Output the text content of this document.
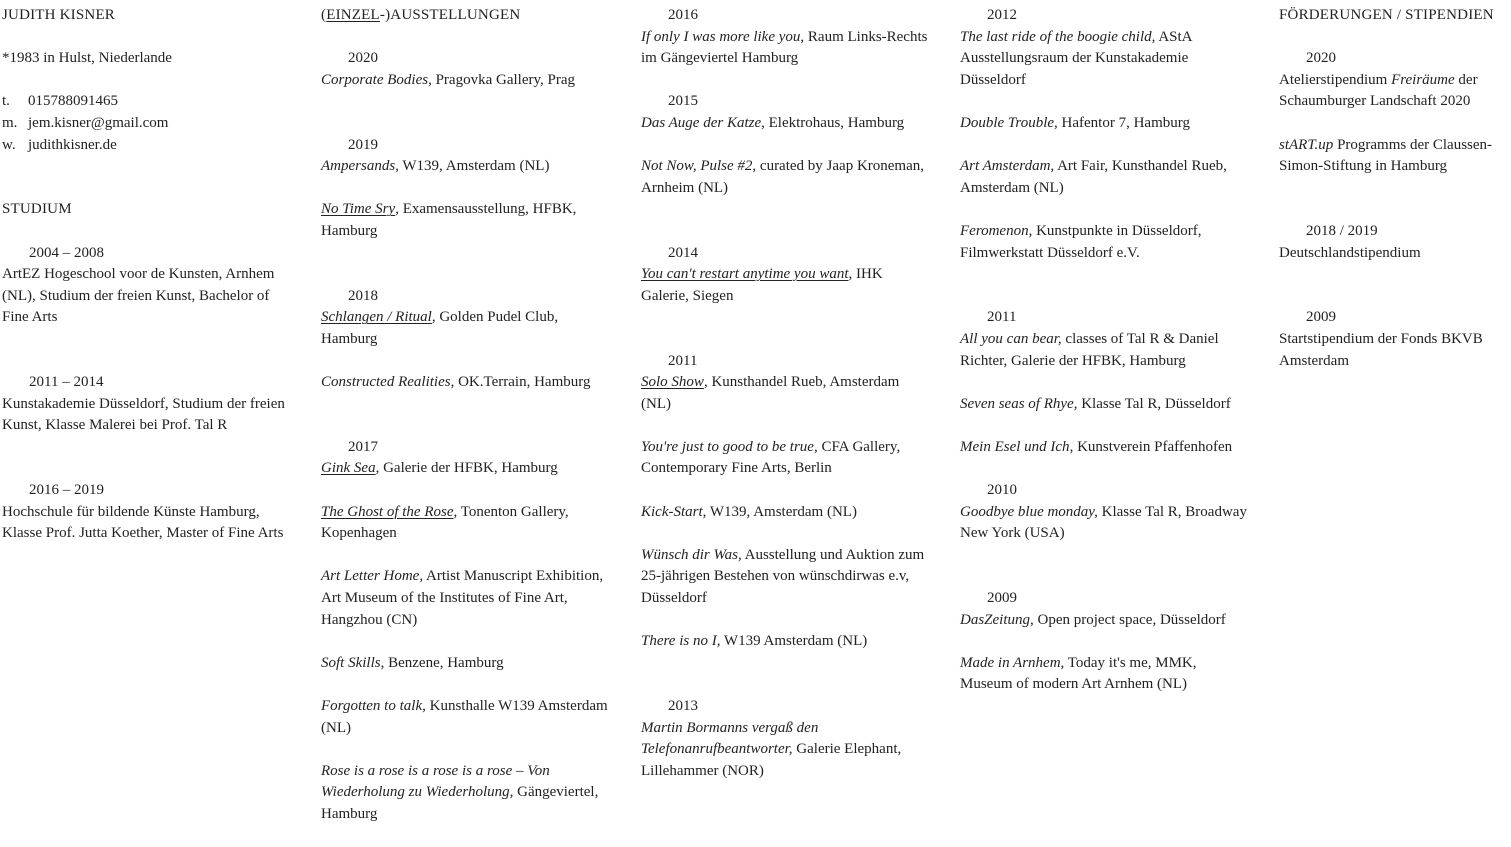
JUDITH KISNER
*1983 in Hulst, Niederlande
t. 015788091465
m. jem.kisner@gmail.com
w. judithkisner.de
STUDIUM
2004 – 2008
ArtEZ Hogeschool voor de Kunsten, Arnhem (NL), Studium der freien Kunst, Bachelor of Fine Arts
2011 – 2014
Kunstakademie Düsseldorf, Studium der freien Kunst, Klasse Malerei bei Prof. Tal R
2016 – 2019
Hochschule für bildende Künste Hamburg, Klasse Prof. Jutta Koether, Master of Fine Arts
(EINZEL-)AUSSTELLUNGEN
2020
Corporate Bodies, Pragovka Gallery, Prag
2019
Ampersands, W139, Amsterdam (NL)
No Time Sry, Examensausstellung, HFBK, Hamburg
2018
Schlangen / Ritual, Golden Pudel Club, Hamburg
Constructed Realities, OK.Terrain, Hamburg
2017
Gink Sea, Galerie der HFBK, Hamburg
The Ghost of the Rose, Tonenton Gallery, Kopenhagen
Art Letter Home, Artist Manuscript Exhibition, Art Museum of the Institutes of Fine Art, Hangzhou (CN)
Soft Skills, Benzene, Hamburg
Forgotten to talk, Kunsthalle W139 Amsterdam (NL)
Rose is a rose is a rose is a rose – Von Wiederholung zu Wiederholung, Gängeviertel, Hamburg
2016
If only I was more like you, Raum Links-Rechts im Gängeviertel Hamburg
2015
Das Auge der Katze, Elektrohaus, Hamburg
Not Now, Pulse #2, curated by Jaap Kroneman, Arnheim (NL)
2014
You can't restart anytime you want, IHK Galerie, Siegen
2011
Solo Show, Kunsthandel Rueb, Amsterdam (NL)
You're just to good to be true, CFA Gallery, Contemporary Fine Arts, Berlin
Kick-Start, W139, Amsterdam (NL)
Wünsch dir Was, Ausstellung und Auktion zum 25-jährigen Bestehen von wünschdirwas e.v, Düsseldorf
There is no I, W139 Amsterdam (NL)
2013
Martin Bormanns vergaß den Telefonanrufbeantworter, Galerie Elephant, Lillehammer (NOR)
2012
The last ride of the boogie child, AStA Ausstellungsraum der Kunstakademie Düsseldorf
Double Trouble, Hafentor 7, Hamburg
Art Amsterdam, Art Fair, Kunsthandel Rueb, Amsterdam (NL)
Feromenon, Kunstpunkte in Düsseldorf, Filmwerkstatt Düsseldorf e.V.
2011
All you can bear, classes of Tal R & Daniel Richter, Galerie der HFBK, Hamburg
Seven seas of Rhye, Klasse Tal R, Düsseldorf
Mein Esel und Ich, Kunstverein Pfaffenhofen
2010
Goodbye blue monday, Klasse Tal R, Broadway New York (USA)
2009
DasZeitung, Open project space, Düsseldorf
Made in Arnhem, Today it's me, MMK, Museum of modern Art Arnhem (NL)
FÖRDERUNGEN / STIPENDIEN
2020
Atelierstipendium Freiräume der Schaumburger Landschaft 2020
stART.up Programms der Claussen-Simon-Stiftung in Hamburg
2018 / 2019
Deutschlandstipendium
2009
Startstipendium der Fonds BKVB Amsterdam
